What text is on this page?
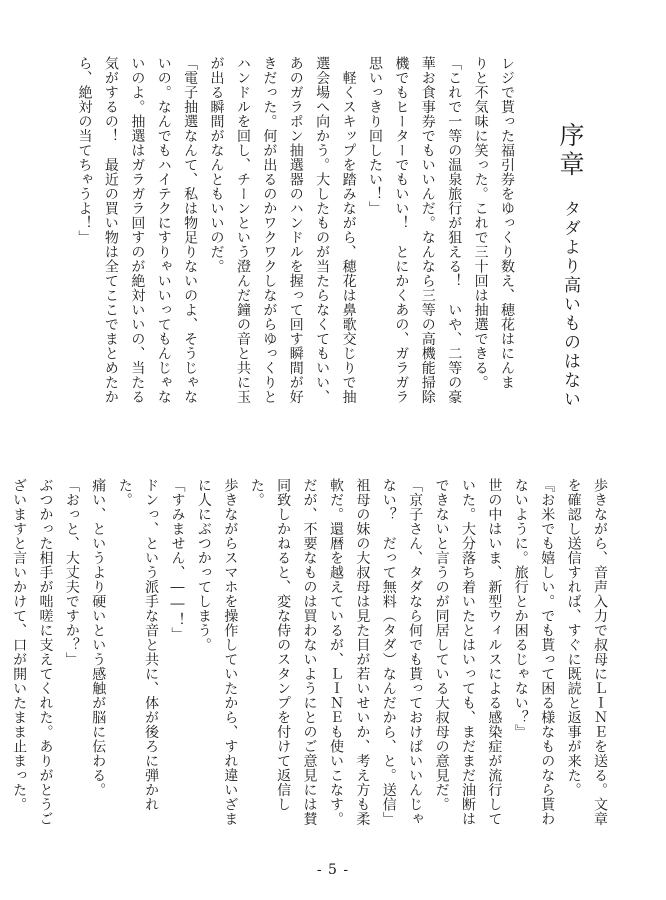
序章
タダより高いものはない
レジで貰った福引券をゆっくり数え、穂花はにんま
りと不気味に笑った。これで三十回は抽選できる。
「これで一等の温泉旅行が狙える！　いや、二等の豪
華お食事券でもいいんだ。なんなら三等の高機能掃除
機でもヒーターでもいい！　とにかくあの、ガラガラ
思いっきり回したい！」
　軽くスキップを踏みながら、穂花は鼻歌交じりで抽
選会場へ向かう。大したものが当たらなくてもいい、
あのガラポン抽選器のハンドルを握って回す瞬間が好
きだった。何が出るのかワクワクしながらゆっくりと
ハンドルを回し、チーンという澄んだ鐘の音と共に玉
が出る瞬間がなんともいいのだ。
「電子抽選なんて、私は物足りないのよ、そうじゃな
いの。なんでもハイテクにすりゃいいってもんじゃな
いのよ。抽選はガラガラ回すのが絶対いいの、当たる
気がするの！　最近の買い物は全てここでまとめたか
ら、絶対の当てちゃうよ！」
歩きながら、音声入力で叔母にＬＩＮＥを送る。文章
を確認し送信すれば、すぐに既読と返事が来た。
『お米でも嬉しい。でも貰って困る様なものなら貰わ
ないように。旅行とか困るじゃない？』
世の中はいま、新型ウィルスによる感染症が流行して
いた。大分落ち着いたとはいっても、まだまだ油断は
できないと言うのが同居している大叔母の意見だ。
「京子さん、タダなら何でも貰っておけばいいんじゃ
ない？　だって無料（タダ）なんだから、と。送信」
祖母の妹の大叔母は見た目が若いせいか、考え方も柔
軟だ。還暦を越えているが、ＬＩＮＥも使いこなす。
だが、不要なものは買わないようにとのご意見には賛
同致しかねると、変な侍のスタンプを付けて返信した。
歩きながらスマホを操作していたから、すれ違いざま
に人にぶつかってしまう。
「すみません、――！」
ドンっ、という派手な音と共に、体が後ろに弾かれた。
痛い、というより硬いという感触が脳に伝わる。
「おっと、大丈夫ですか？」
ぶつかった相手が咄嗟に支えてくれた。ありがとうご
ざいますと言いかけて、口が開いたまま止まった。
- 5 -
